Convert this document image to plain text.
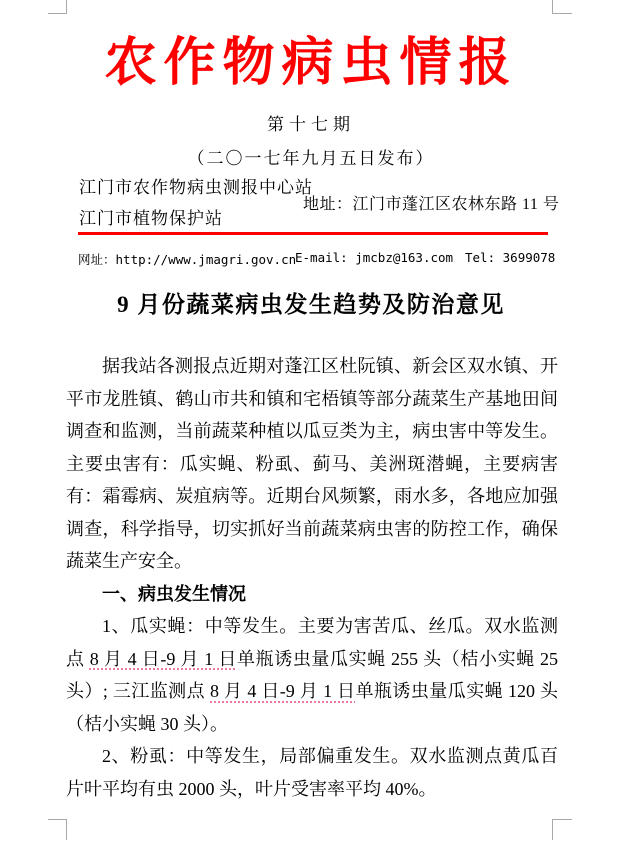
农作物病虫情报
第十七期
（二〇一七年九月五日发布）
江门市农作物病虫测报中心站
江门市植物保护站
地址：江门市蓬江区农林东路 11 号
网址：http://www.jmagri.gov.cn
E-mail: jmcbz@163.com Tel: 3699078
9 月份蔬菜病虫发生趋势及防治意见

据我站各测报点近期对蓬江区杜阮镇、新会区双水镇、开平市龙胜镇、鹤山市共和镇和宅梧镇等部分蔬菜生产基地田间调查和监测，当前蔬菜种植以瓜豆类为主，病虫害中等发生。主要虫害有：瓜实蝇、粉虱、蓟马、美洲斑潜蝇，主要病害有：霜霉病、炭疽病等。近期台风频繁，雨水多，各地应加强调查，科学指导，切实抓好当前蔬菜病虫害的防控工作，确保蔬菜生产安全。

一、病虫发生情况

1、瓜实蝇：中等发生。主要为害苦瓜、丝瓜。双水监测点 8 月 4 日-9 月 1 日单瓶诱虫量瓜实蝇 255 头（桔小实蝇 25 头）; 三江监测点 8 月 4 日-9 月 1 日单瓶诱虫量瓜实蝇 120 头（桔小实蝇 30 头）。

2、粉虱：中等发生，局部偏重发生。双水监测点黄瓜百片叶平均有虫 2000 头，叶片受害率平均 40%。
